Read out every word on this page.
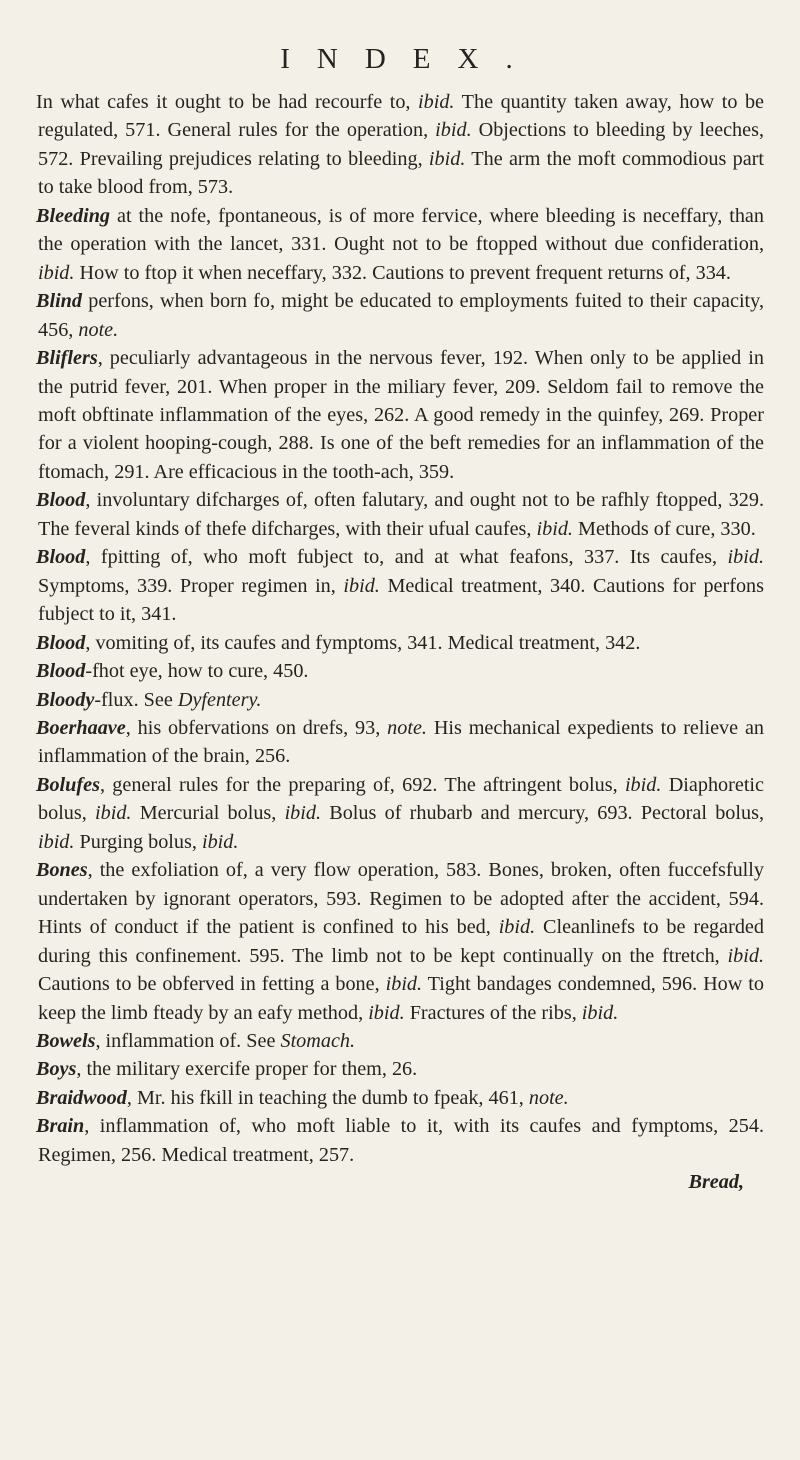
INDEX.

In what cafes it ought to be had recourfe to, ibid. The quantity taken away, how to be regulated, 571. General rules for the operation, ibid. Objections to bleeding by leeches, 572. Prevailing prejudices relating to bleeding, ibid. The arm the moft commodious part to take blood from, 573.

Bleeding at the nofe, fpontaneous, is of more fervice, where bleeding is neceffary, than the operation with the lancet, 331. Ought not to be ftopped without due confideration, ibid. How to ftop it when neceffary, 332. Cautions to prevent frequent returns of, 334.

Blind perfons, when born fo, might be educated to employments fuited to their capacity, 456, note.

Bliflers, peculiarly advantageous in the nervous fever, 192. When only to be applied in the putrid fever, 201. When proper in the miliary fever, 209. Seldom fail to remove the moft obftinate inflammation of the eyes, 262. A good remedy in the quinfey, 269. Proper for a violent hooping-cough, 288. Is one of the beft remedies for an inflammation of the ftomach, 291. Are efficacious in the tooth-ach, 359.

Blood, involuntary difcharges of, often falutary, and ought not to be rafhly ftopped, 329. The feveral kinds of thefe difcharges, with their ufual caufes, ibid. Methods of cure, 330.

Blood, fpitting of, who moft fubject to, and at what feafons, 337. Its caufes, ibid. Symptoms, 339. Proper regimen in, ibid. Medical treatment, 340. Cautions for perfons fubject to it, 341.

Blood, vomiting of, its caufes and fymptoms, 341. Medical treatment, 342.

Blood-fhot eye, how to cure, 450.

Bloody-flux. See Dyfentery.

Boerhaave, his obfervations on drefs, 93, note. His mechanical expedients to relieve an inflammation of the brain, 256.

Bolufes, general rules for the preparing of, 692. The aftringent bolus, ibid. Diaphoretic bolus, ibid. Mercurial bolus, ibid. Bolus of rhubarb and mercury, 693. Pectoral bolus, ibid. Purging bolus, ibid.

Bones, the exfoliation of, a very flow operation, 583. Bones, broken, often fuccefsfully undertaken by ignorant operators, 593. Regimen to be adopted after the accident, 594. Hints of conduct if the patient is confined to his bed, ibid. Cleanlinefs to be regarded during this confinement. 595. The limb not to be kept continually on the ftretch, ibid. Cautions to be obferved in fetting a bone, ibid. Tight bandages condemned, 596. How to keep the limb fteady by an eafy method, ibid. Fractures of the ribs, ibid.

Bowels, inflammation of. See Stomach.

Boys, the military exercife proper for them, 26.

Braidwood, Mr. his fkill in teaching the dumb to fpeak, 461, note.

Brain, inflammation of, who moft liable to it, with its caufes and fymptoms, 254. Regimen, 256. Medical treatment, 257.

Bread,
